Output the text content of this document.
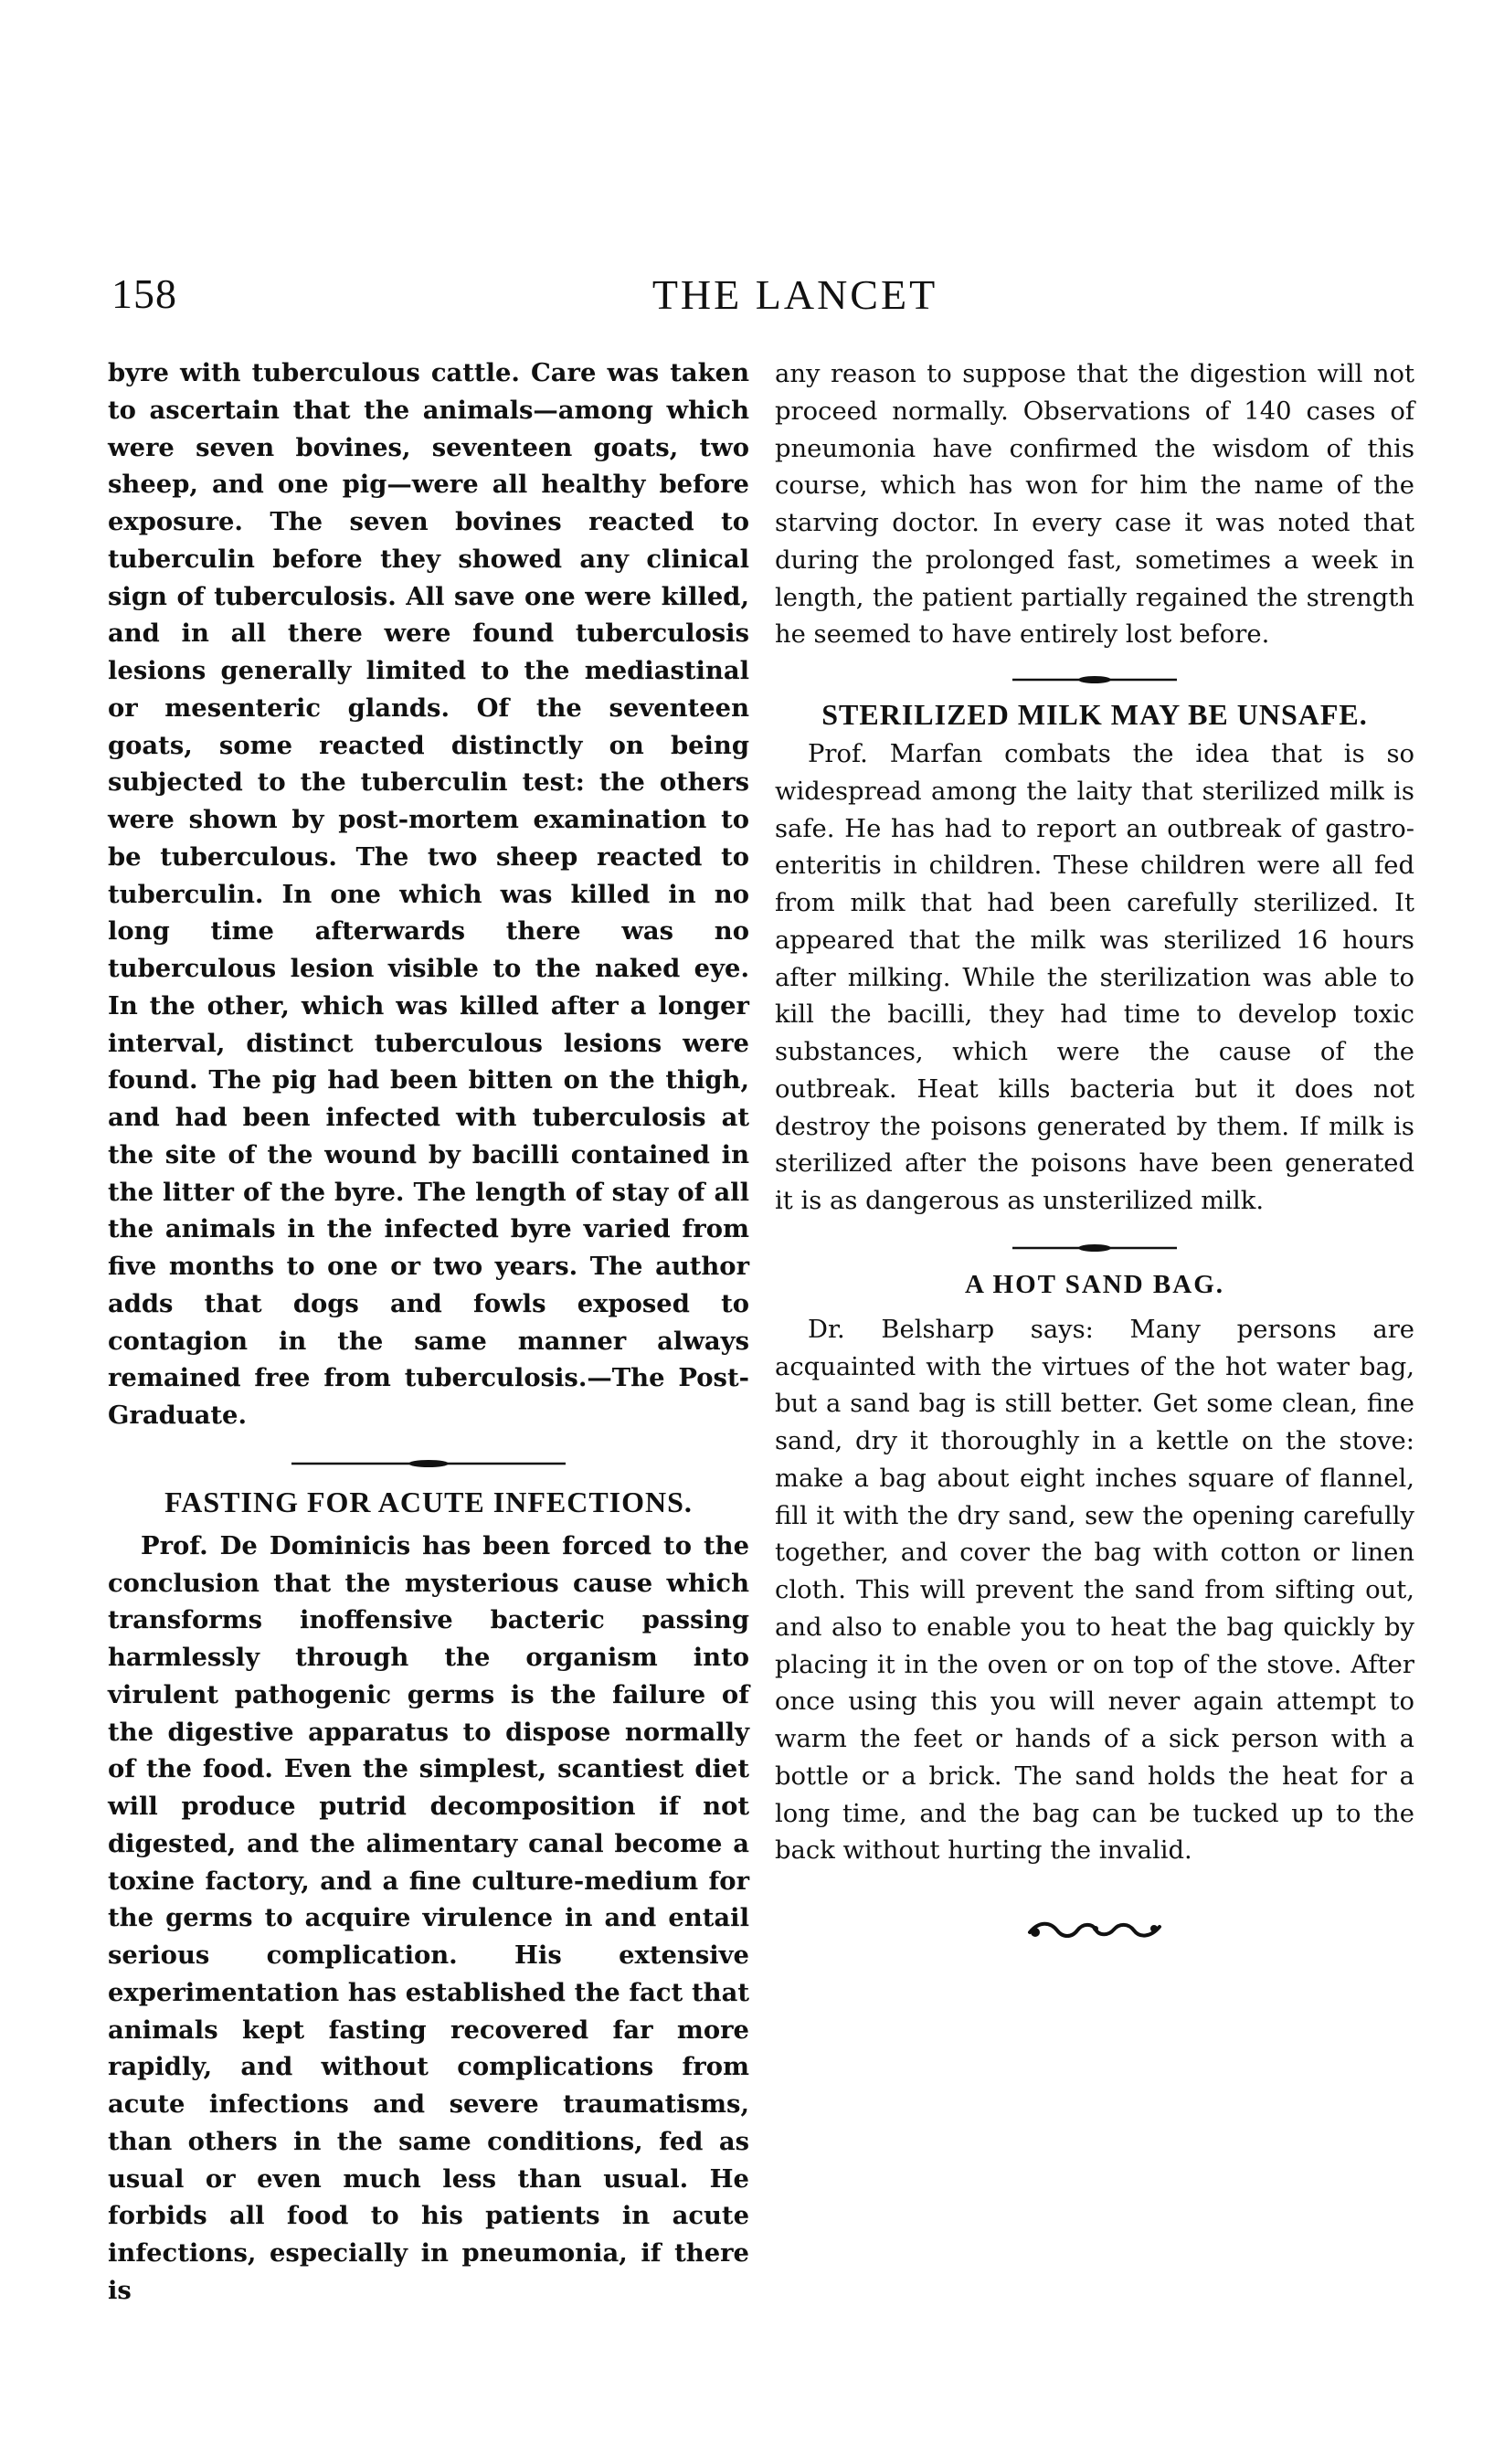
158	THE LANCET

byre with tuberculous cattle. Care was taken to ascertain that the animals—among which were seven bovines, seventeen goats, two sheep, and one pig—were all healthy before exposure. The seven bovines reacted to tuberculin before they showed any clinical sign of tuberculosis. All save one were killed, and in all there were found tuberculosis lesions generally limited to the mediastinal or mesenteric glands. Of the seventeen goats, some reacted distinctly on being subjected to the tuberculin test: the others were shown by post-mortem examination to be tuberculous. The two sheep reacted to tuberculin. In one which was killed in no long time afterwards there was no tuberculous lesion visible to the naked eye. In the other, which was killed after a longer interval, distinct tuberculous lesions were found. The pig had been bitten on the thigh, and had been infected with tuberculosis at the site of the wound by bacilli contained in the litter of the byre. The length of stay of all the animals in the infected byre varied from five months to one or two years. The author adds that dogs and fowls exposed to contagion in the same manner always remained free from tuberculosis.—The Post-Graduate.

FASTING FOR ACUTE INFECTIONS.

Prof. De Dominicis has been forced to the conclusion that the mysterious cause which transforms inoffensive bacteric passing harmlessly through the organism into virulent pathogenic germs is the failure of the digestive apparatus to dispose normally of the food. Even the simplest, scantiest diet will produce putrid decomposition if not digested, and the alimentary canal become a toxine factory, and a fine culture-medium for the germs to acquire virulence in and entail serious complication. His extensive experimentation has established the fact that animals kept fasting recovered far more rapidly, and without complications from acute infections and severe traumatisms, than others in the same conditions, fed as usual or even much less than usual. He forbids all food to his patients in acute infections, especially in pneumonia, if there is

any reason to suppose that the digestion will not proceed normally. Observations of 140 cases of pneumonia have confirmed the wisdom of this course, which has won for him the name of the starving doctor. In every case it was noted that during the prolonged fast, sometimes a week in length, the patient partially regained the strength he seemed to have entirely lost before.

STERILIZED MILK MAY BE UNSAFE.

Prof. Marfan combats the idea that is so widespread among the laity that sterilized milk is safe. He has had to report an outbreak of gastro-enteritis in children. These children were all fed from milk that had been carefully sterilized. It appeared that the milk was sterilized 16 hours after milking. While the sterilization was able to kill the bacilli, they had time to develop toxic substances, which were the cause of the outbreak. Heat kills bacteria but it does not destroy the poisons generated by them. If milk is sterilized after the poisons have been generated it is as dangerous as unsterilized milk.

A HOT SAND BAG.

Dr. Belsharp says: Many persons are acquainted with the virtues of the hot water bag, but a sand bag is still better. Get some clean, fine sand, dry it thoroughly in a kettle on the stove: make a bag about eight inches square of flannel, fill it with the dry sand, sew the opening carefully together, and cover the bag with cotton or linen cloth. This will prevent the sand from sifting out, and also to enable you to heat the bag quickly by placing it in the oven or on top of the stove. After once using this you will never again attempt to warm the feet or hands of a sick person with a bottle or a brick. The sand holds the heat for a long time, and the bag can be tucked up to the back without hurting the invalid.
